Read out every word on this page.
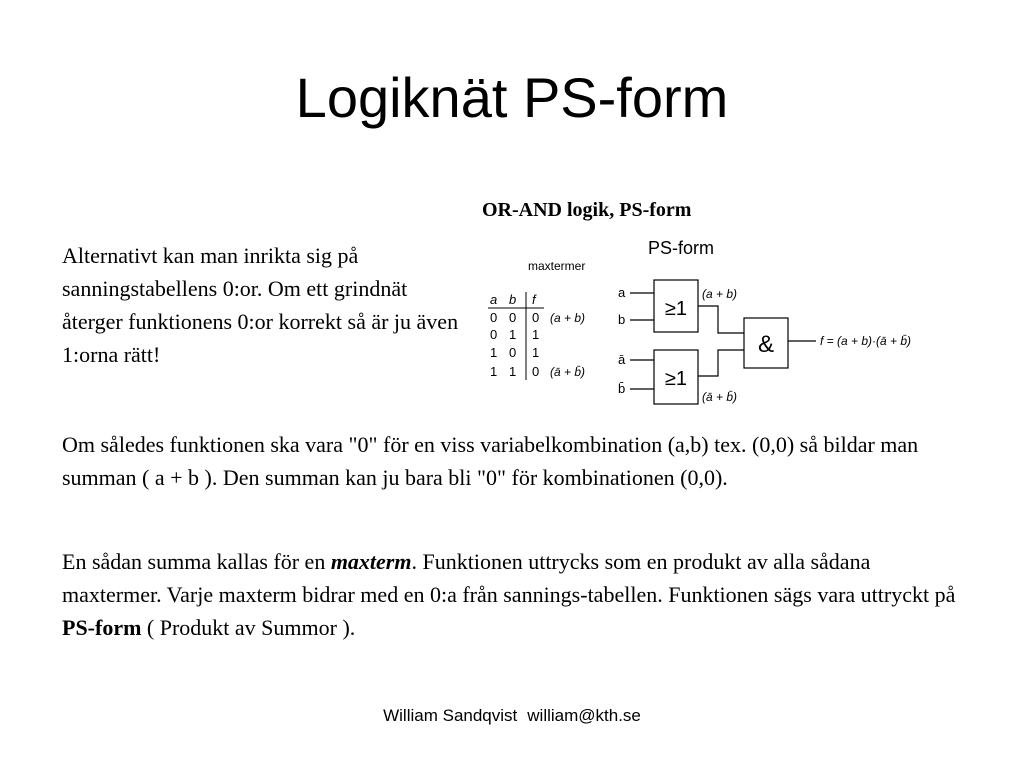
Logiknät PS-form
Alternativt kan man inrikta sig på sanningstabellens 0:or. Om ett grindnät återger funktionens 0:or korrekt så är ju även 1:orna rätt!
OR-AND logik, PS-form
PS-form
maxtermer
a b f
0 0 0
0 1 1
1 0 1
1 1 0
(a + b)
(ā + b̄)
a
b
ā
b̄
≥1
≥1
&
(a + b)
(ā + b̄)
f = (a + b)·(ā + b̄)
Om således funktionen ska vara "0" för en viss variabelkombination (a,b) tex. (0,0) så bildar man summan ( a + b ). Den summan kan ju bara bli "0" för kombinationen (0,0).
En sådan summa kallas för en maxterm. Funktionen uttrycks som en produkt av alla sådana maxtermer. Varje maxterm bidrar med en 0:a från sannings-tabellen. Funktionen sägs vara uttryckt på PS-form ( Produkt av Summor ).
William Sandqvist william@kth.se
